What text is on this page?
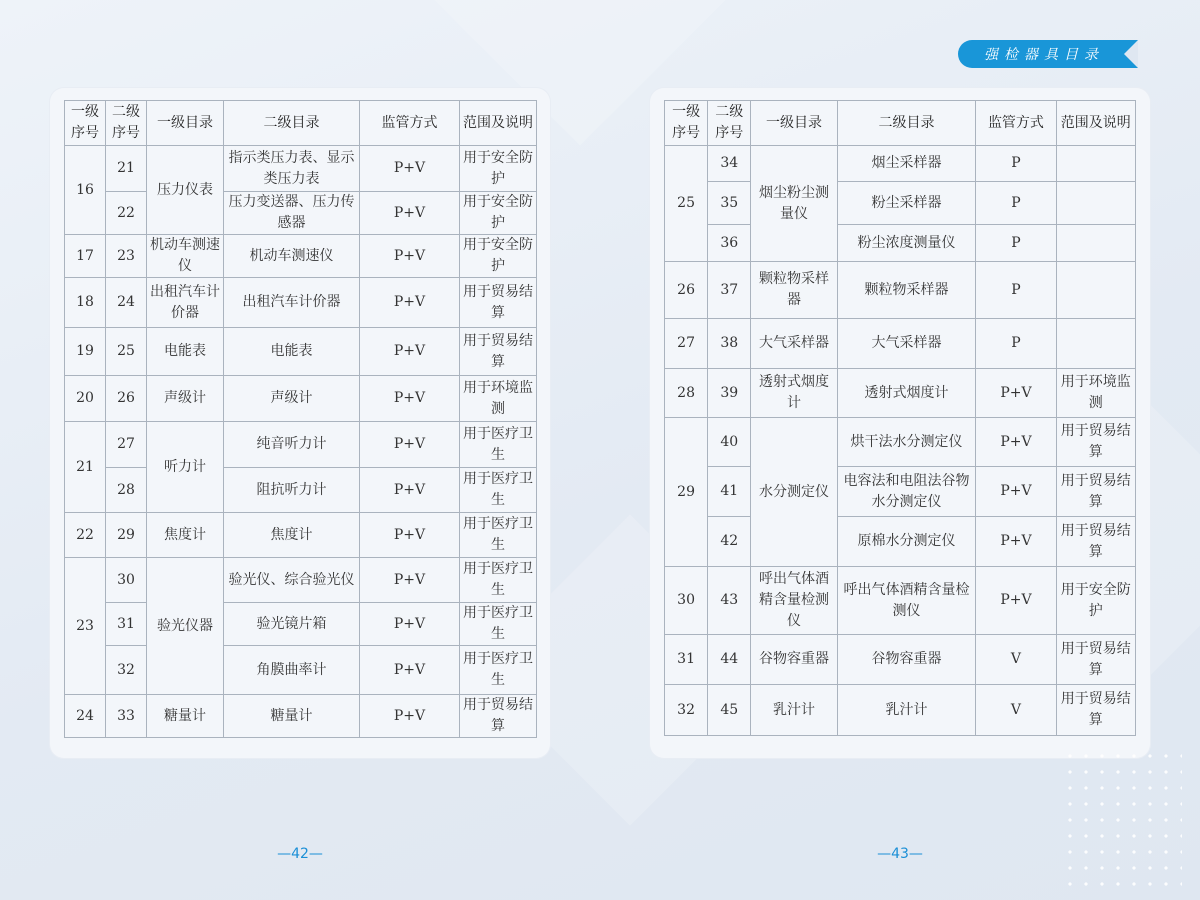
强检器具目录
一级序号	二级序号	一级目录	二级目录	监管方式	范围及说明
16	21	压力仪表	指示类压力表、显示类压力表	P+V	用于安全防护
	22		压力变送器、压力传感器	P+V	用于安全防护
17	23	机动车测速仪	机动车测速仪	P+V	用于安全防护
18	24	出租汽车计价器	出租汽车计价器	P+V	用于贸易结算
19	25	电能表	电能表	P+V	用于贸易结算
20	26	声级计	声级计	P+V	用于环境监测
21	27	听力计	纯音听力计	P+V	用于医疗卫生
	28		阻抗听力计	P+V	用于医疗卫生
22	29	焦度计	焦度计	P+V	用于医疗卫生
23	30	验光仪器	验光仪、综合验光仪	P+V	用于医疗卫生
	31		验光镜片箱	P+V	用于医疗卫生
	32		角膜曲率计	P+V	用于医疗卫生
24	33	糖量计	糖量计	P+V	用于贸易结算
一级序号	二级序号	一级目录	二级目录	监管方式	范围及说明
25	34	烟尘粉尘测量仪	烟尘采样器	P	
	35		粉尘采样器	P	
	36		粉尘浓度测量仪	P	
26	37	颗粒物采样器	颗粒物采样器	P	
27	38	大气采样器	大气采样器	P	
28	39	透射式烟度计	透射式烟度计	P+V	用于环境监测
29	40	水分测定仪	烘干法水分测定仪	P+V	用于贸易结算
	41		电容法和电阻法谷物水分测定仪	P+V	用于贸易结算
	42		原棉水分测定仪	P+V	用于贸易结算
30	43	呼出气体酒精含量检测仪	呼出气体酒精含量检测仪	P+V	用于安全防护
31	44	谷物容重器	谷物容重器	V	用于贸易结算
32	45	乳汁计	乳汁计	V	用于贸易结算
—42—	—43—
